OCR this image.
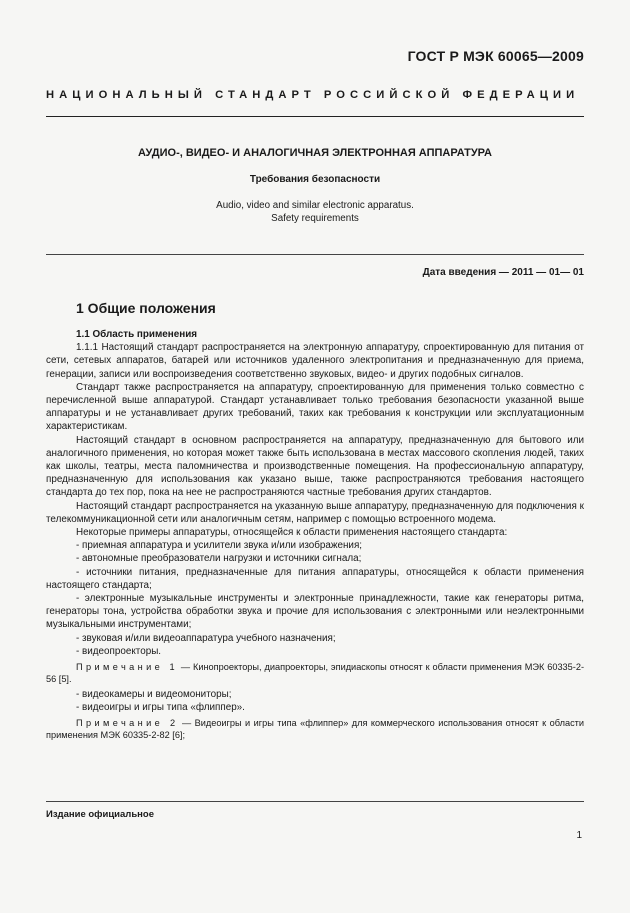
ГОСТ Р МЭК 60065—2009
НАЦИОНАЛЬНЫЙ СТАНДАРТ РОССИЙСКОЙ ФЕДЕРАЦИИ
АУДИО-, ВИДЕО- И АНАЛОГИЧНАЯ ЭЛЕКТРОННАЯ АППАРАТУРА
Требования безопасности
Audio, video and similar electronic apparatus.
Safety requirements
Дата введения — 2011 — 01— 01
1 Общие положения
1.1 Область применения

1.1.1 Настоящий стандарт распространяется на электронную аппаратуру, спроектированную для питания от сети, сетевых аппаратов, батарей или источников удаленного электропитания и предназначенную для приема, генерации, записи или воспроизведения соответственно звуковых, видео- и других подобных сигналов.

Стандарт также распространяется на аппаратуру, спроектированную для применения только совместно с перечисленной выше аппаратурой. Стандарт устанавливает только требования безопасности указанной выше аппаратуры и не устанавливает других требований, таких как требования к конструкции или эксплуатационным характеристикам.

Настоящий стандарт в основном распространяется на аппаратуру, предназначенную для бытового или аналогичного применения, но которая может также быть использована в местах массового скопления людей, таких как школы, театры, места паломничества и производственные помещения. На профессиональную аппаратуру, предназначенную для использования как указано выше, также распространяются требования настоящего стандарта до тех пор, пока на нее не распространяются частные требования других стандартов.

Настоящий стандарт распространяется на указанную выше аппаратуру, предназначенную для подключения к телекоммуникационной сети или аналогичным сетям, например с помощью встроенного модема.

Некоторые примеры аппаратуры, относящейся к области применения настоящего стандарта:

- приемная аппаратура и усилители звука и/или изображения;

- автономные преобразователи нагрузки и источники сигнала;

- источники питания, предназначенные для питания аппаратуры, относящейся к области применения настоящего стандарта;

- электронные музыкальные инструменты и электронные принадлежности, такие как генераторы ритма, генераторы тона, устройства обработки звука и прочие для использования с электронными или неэлектронными музыкальными инструментами;

- звуковая и/или видеоаппаратура учебного назначения;

- видеопроекторы.

Примечание 1 — Кинопроекторы, диапроекторы, эпидиаскопы относят к области применения МЭК 60335-2-56 [5].

- видеокамеры и видеомониторы;

- видеоигры и игры типа «флиппер».

Примечание 2 — Видеоигры и игры типа «флиппер» для коммерческого использования относят к области применения МЭК 60335-2-82 [6];

Издание официальное
1
